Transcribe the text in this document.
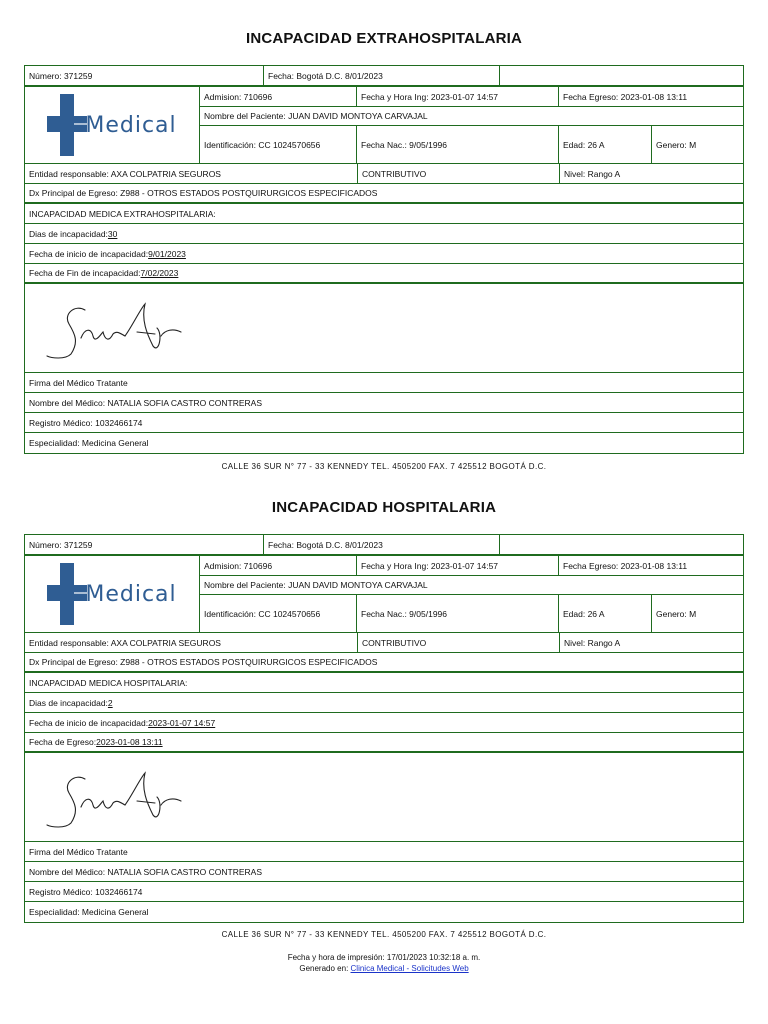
INCAPACIDAD EXTRAHOSPITALARIA
Número: 371259	Fecha: Bogotá D.C. 8/01/2023
Medical
Admision: 710696	Fecha y Hora Ing: 2023-01-07 14:57	Fecha Egreso: 2023-01-08 13:11
Nombre del Paciente: JUAN DAVID MONTOYA CARVAJAL
Identificación: CC 1024570656	Fecha Nac.: 9/05/1996	Edad: 26 A	Genero: M
Entidad responsable: AXA COLPATRIA SEGUROS	CONTRIBUTIVO	Nivel: Rango A
Dx Principal de Egreso: Z988 - OTROS ESTADOS POSTQUIRURGICOS ESPECIFICADOS
INCAPACIDAD MEDICA EXTRAHOSPITALARIA:
Dias de incapacidad: 30
Fecha de inicio de incapacidad: 9/01/2023
Fecha de Fin de incapacidad: 7/02/2023
Firma del Médico Tratante
Nombre del Médico: NATALIA SOFIA CASTRO CONTRERAS
Registro Médico: 1032466174
Especialidad: Medicina General
CALLE 36 SUR N° 77 - 33 KENNEDY TEL. 4505200 FAX. 7 425512 BOGOTÁ D.C.
INCAPACIDAD HOSPITALARIA
Número: 371259	Fecha: Bogotá D.C. 8/01/2023
Medical
Admision: 710696	Fecha y Hora Ing: 2023-01-07 14:57	Fecha Egreso: 2023-01-08 13:11
Nombre del Paciente: JUAN DAVID MONTOYA CARVAJAL
Identificación: CC 1024570656	Fecha Nac.: 9/05/1996	Edad: 26 A	Genero: M
Entidad responsable: AXA COLPATRIA SEGUROS	CONTRIBUTIVO	Nivel: Rango A
Dx Principal de Egreso: Z988 - OTROS ESTADOS POSTQUIRURGICOS ESPECIFICADOS
INCAPACIDAD MEDICA HOSPITALARIA:
Dias de incapacidad: 2
Fecha de inicio de incapacidad: 2023-01-07 14:57
Fecha de Egreso: 2023-01-08 13:11
Firma del Médico Tratante
Nombre del Médico: NATALIA SOFIA CASTRO CONTRERAS
Registro Médico: 1032466174
Especialidad: Medicina General
CALLE 36 SUR N° 77 - 33 KENNEDY TEL. 4505200 FAX. 7 425512 BOGOTÁ D.C.
Fecha y hora de impresión: 17/01/2023 10:32:18 a. m.
Generado en: Clinica Medical - Solicitudes Web
